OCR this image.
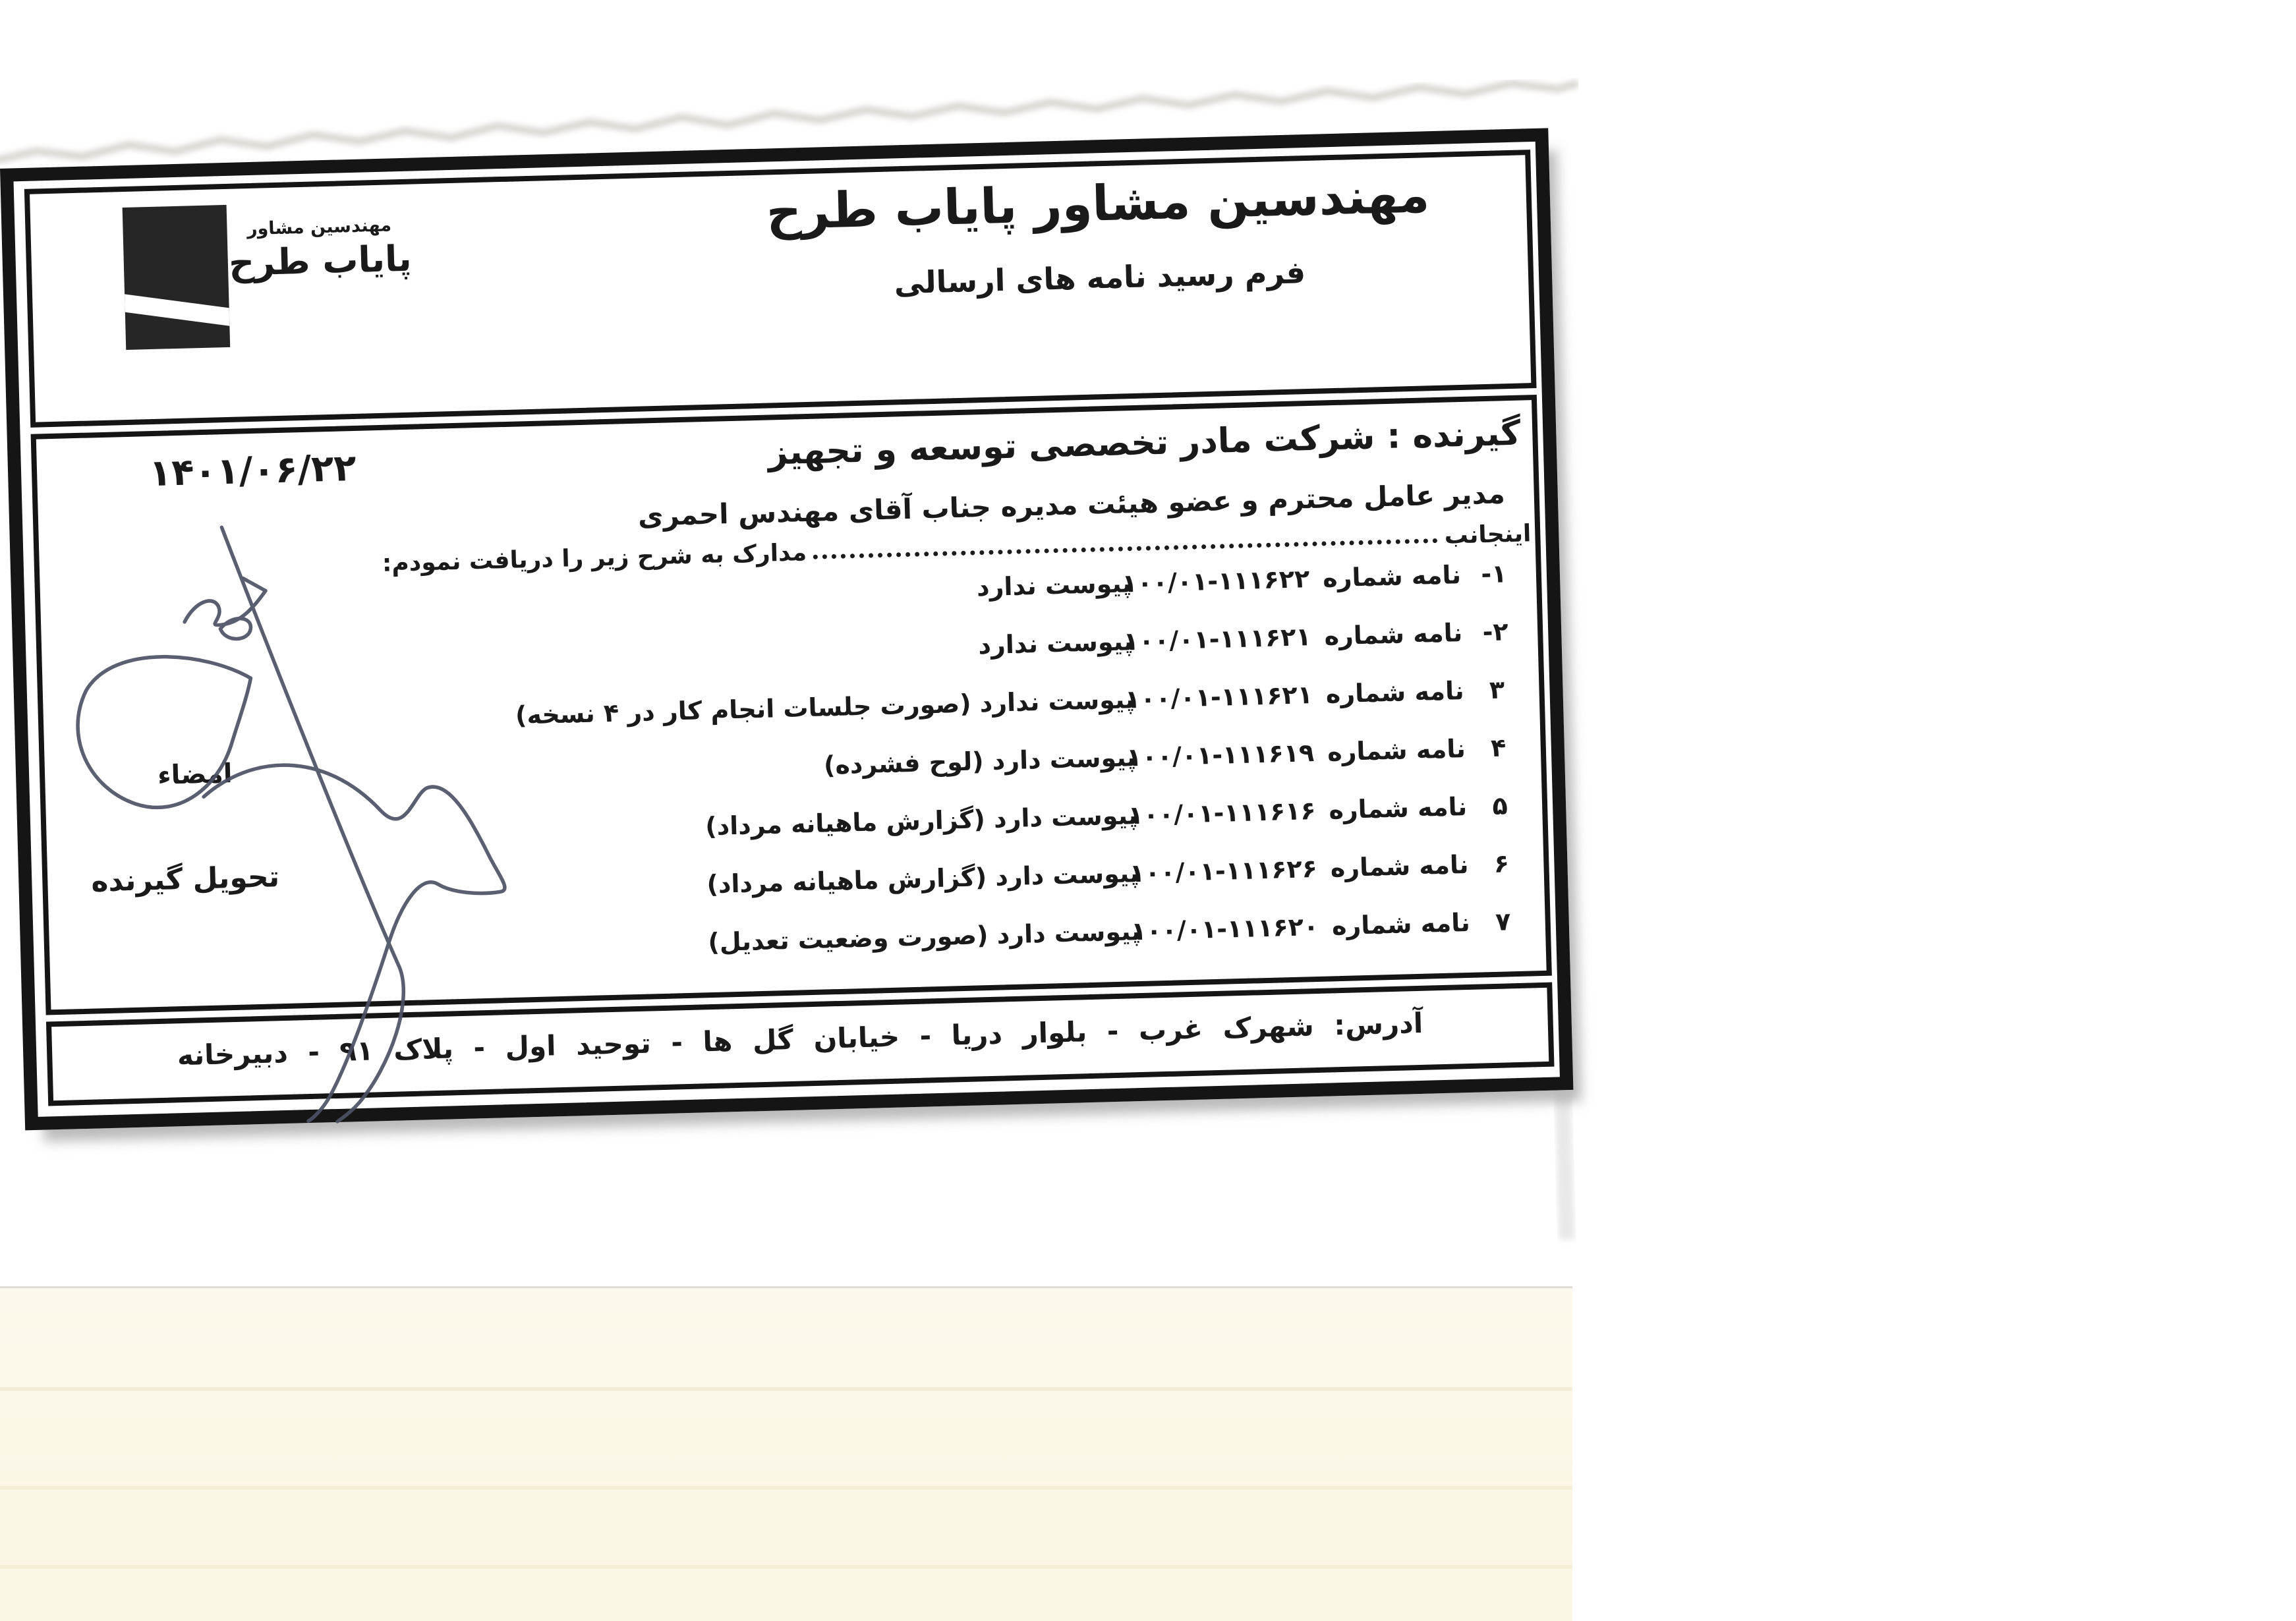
مهندسین مشاور
پایاب طرح
مهندسین مشاور پایاب طرح
فرم رسید نامه های ارسالی
۱۴۰۱/۰۶/۲۲	گیرنده : شرکت مادر تخصصی توسعه و تجهیز
مدیر عامل محترم و عضو هیئت مدیره جناب آقای مهندس احمری
اینجانب
مدارک به شرح زیر را دریافت نمودم:	۱-
نامه شماره
۱۰۰/۰۱-۱۱۱۶۲۲
پیوست ندارد
۲-
نامه شماره
۱۰۰/۰۱-۱۱۱۶۲۱
پیوست ندارد
۳
نامه شماره
۱۰۰/۰۱-۱۱۱۶۲۱
پیوست ندارد (صورت جلسات انجام کار در ۴ نسخه)
۴
نامه شماره
۱۰۰/۰۱-۱۱۱۶۱۹
پیوست دارد (لوح فشرده)
۵
نامه شماره
۱۰۰/۰۱-۱۱۱۶۱۶
پیوست دارد (گزارش ماهیانه مرداد)
۶
نامه شماره
۱۰۰/۰۱-۱۱۱۶۲۶
پیوست دارد (گزارش ماهیانه مرداد)
۷
نامه شماره
۱۰۰/۰۱-۱۱۱۶۲۰
پیوست دارد (صورت وضعیت تعدیل)
امضاء
تحویل گیرنده
آدرس: شهرک غرب - بلوار دریا - خیابان گل ها - توحید اول - پلاک ۹۱ - دبیرخانه
